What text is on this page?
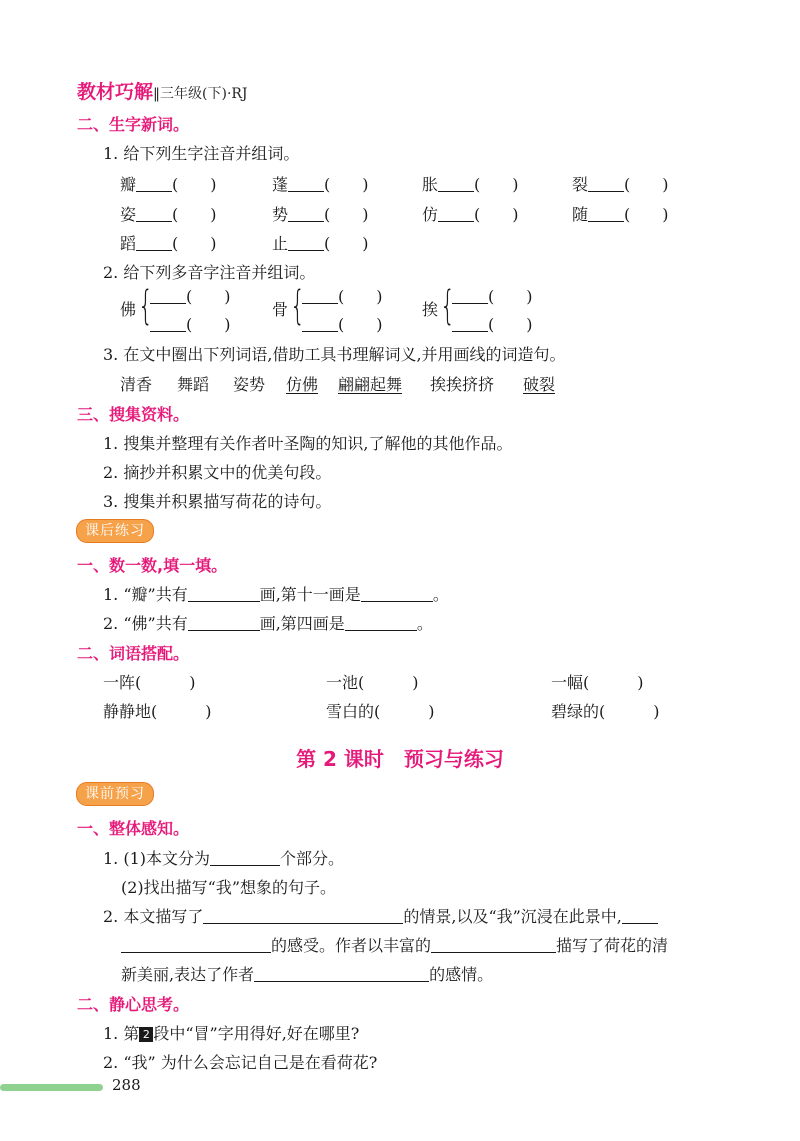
教材巧解‖三年级(下)·RJ
二、生字新词。
1. 给下列生字注音并组词。
瓣 (　　)	蓬 (　　)	胀 (　　)	裂 (　　)
姿 (　　)	势 (　　)	仿 (　　)	随 (　　)
蹈 (　　)	止 (　　)
2. 给下列多音字注音并组词。
佛 {	(　　)
(　　)
骨 {	(　　)
(　　)
挨 {	(　　)
(　　)
3. 在文中圈出下列词语,借助工具书理解词义,并用画线的词造句。
清香 舞蹈 姿势 仿佛 翩翩起舞 挨挨挤挤 破裂
三、搜集资料。
1. 搜集并整理有关作者叶圣陶的知识,了解他的其他作品。
2. 摘抄并积累文中的优美句段。
3. 搜集并积累描写荷花的诗句。
课后练习
一、数一数,填一填。
1. “瓣”共有	画,第十一画是	。
2. “佛”共有	画,第四画是	。
二、词语搭配。
一阵(　　　)	一池(　　　)	一幅(　　　)
静静地(　　　)	雪白的(　　　)	碧绿的(　　　)
第 2 课时　预习与练习
课前预习
一、整体感知。
1. (1)本文分为	个部分。
(2)找出描写“我”想象的句子。
2. 本文描写了	的情景,以及“我”沉浸在此景中,
的感受。作者以丰富的	描写了荷花的清
新美丽,表达了作者	的感情。
二、静心思考。
1. 第 2 段中“冒”字用得好,好在哪里?
2. “我” 为什么会忘记自己是在看荷花?
288
